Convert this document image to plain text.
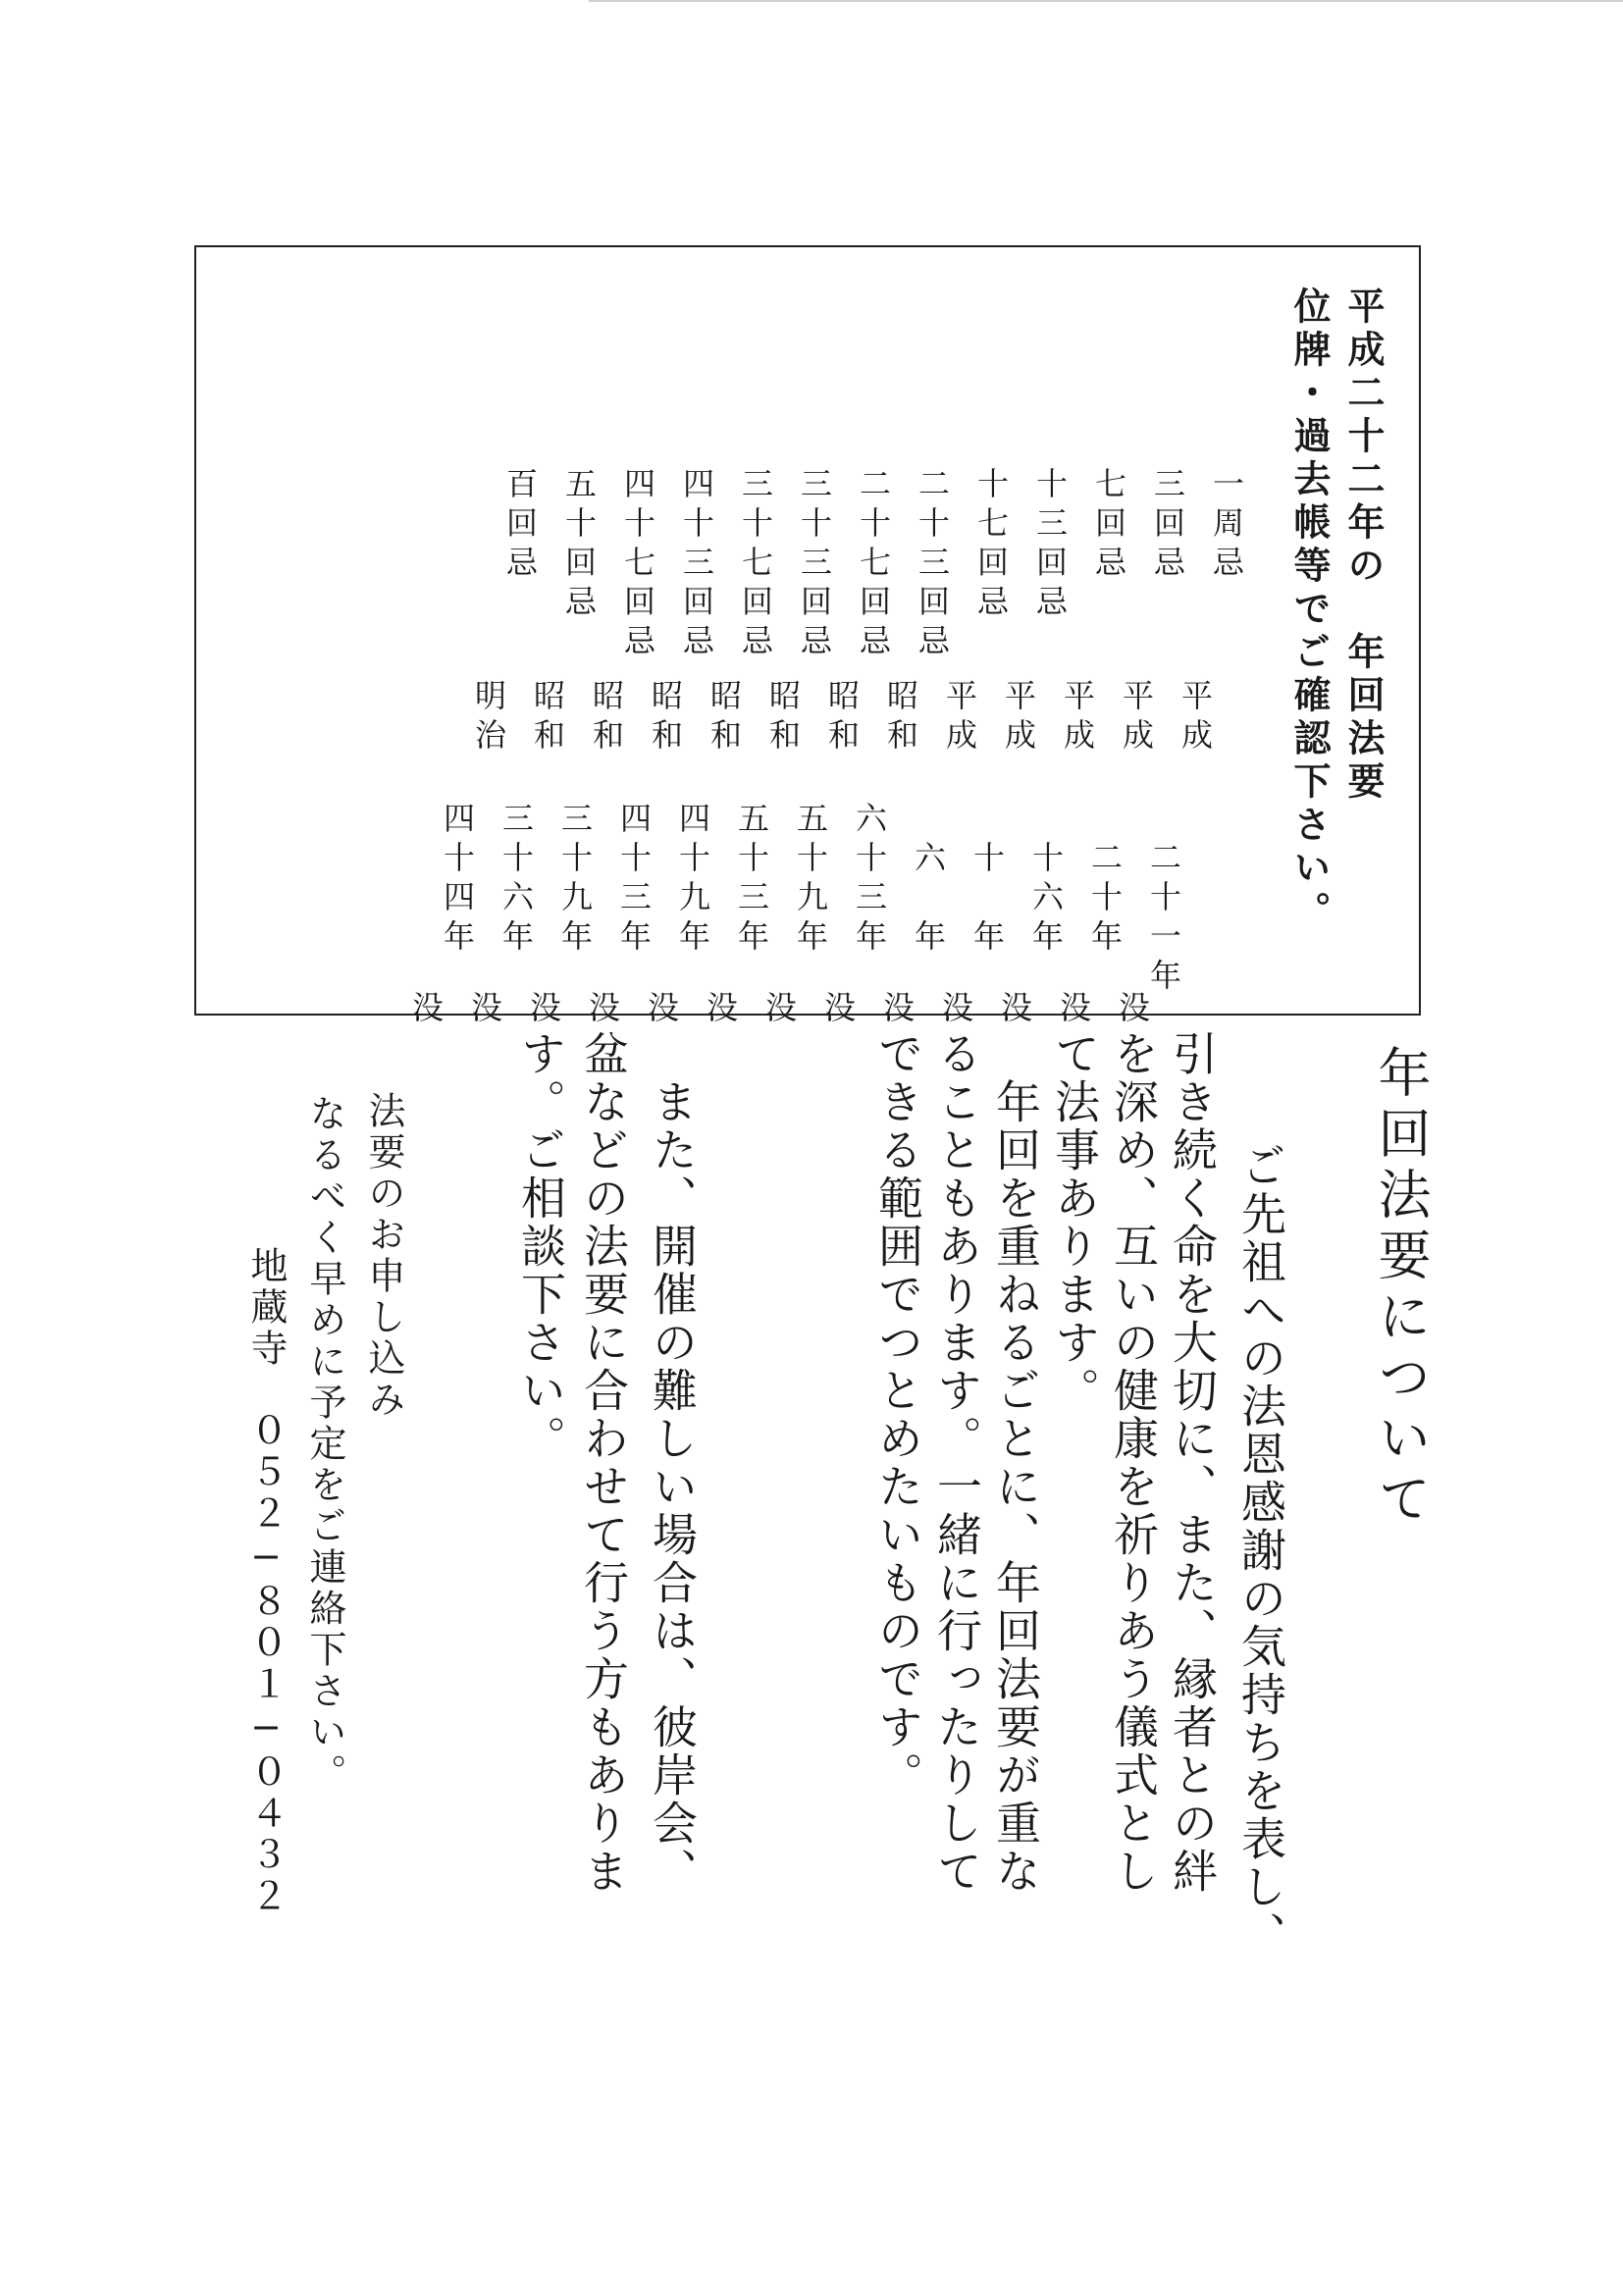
平成二十二年の　年回法要
位牌・過去帳等でご確認下さい。

一周忌

平成

　二十一年

没

三回忌

平成

　二十年

没

七回忌

平成

　十六年

没

十三回忌

平成

　十　年

没

十七回忌

平成

　六　年

没

二十三回忌

昭和

六十三年

没

二十七回忌

昭和

五十九年

没

三十三回忌

昭和

五十三年

没

三十七回忌

昭和

四十九年

没

四十三回忌

昭和

四十三年

没

四十七回忌

昭和

三十九年

没

五十回忌

昭和

三十六年

没

百回忌

明治

四十四年

没

年回法要について
　ご先祖への法恩感謝の気持ちを表し、
引き続く命を大切に、また、縁者との絆
を深め、互いの健康を祈りあう儀式とし
て法事あります。
　年回を重ねるごとに、年回法要が重な
ることもあります。一緒に行ったりして
できる範囲でつとめたいものです。
　また、開催の難しい場合は、彼岸会、
盆などの法要に合わせて行う方もありま
す。ご相談下さい。
　法要のお申し込み
なるべく早めに予定をご連絡下さい。
地蔵寺　０５２−８０１−０４３２
